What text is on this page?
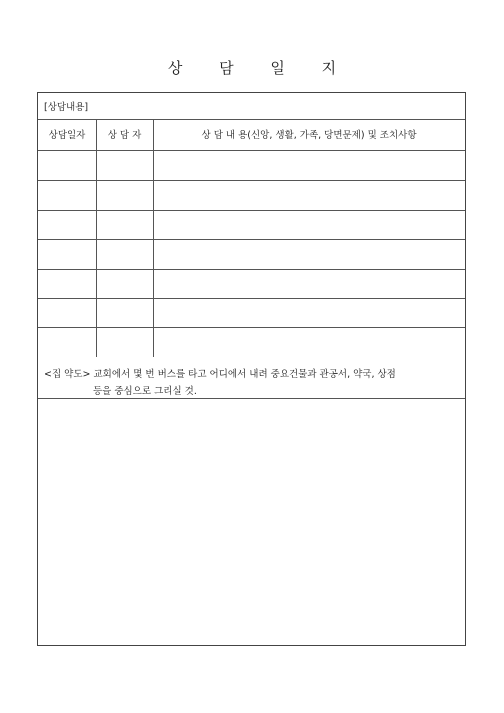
상 담 일 지
[상담내용]
상담일자	상 담 자	상 담 내 용(신앙, 생활, 가족, 당면문제) 및 조치사항
<집 약도> 교회에서 몇 번 버스를 타고 어디에서 내려 중요건물과 관공서, 약국, 상점
등을 중심으로 그리실 것.
